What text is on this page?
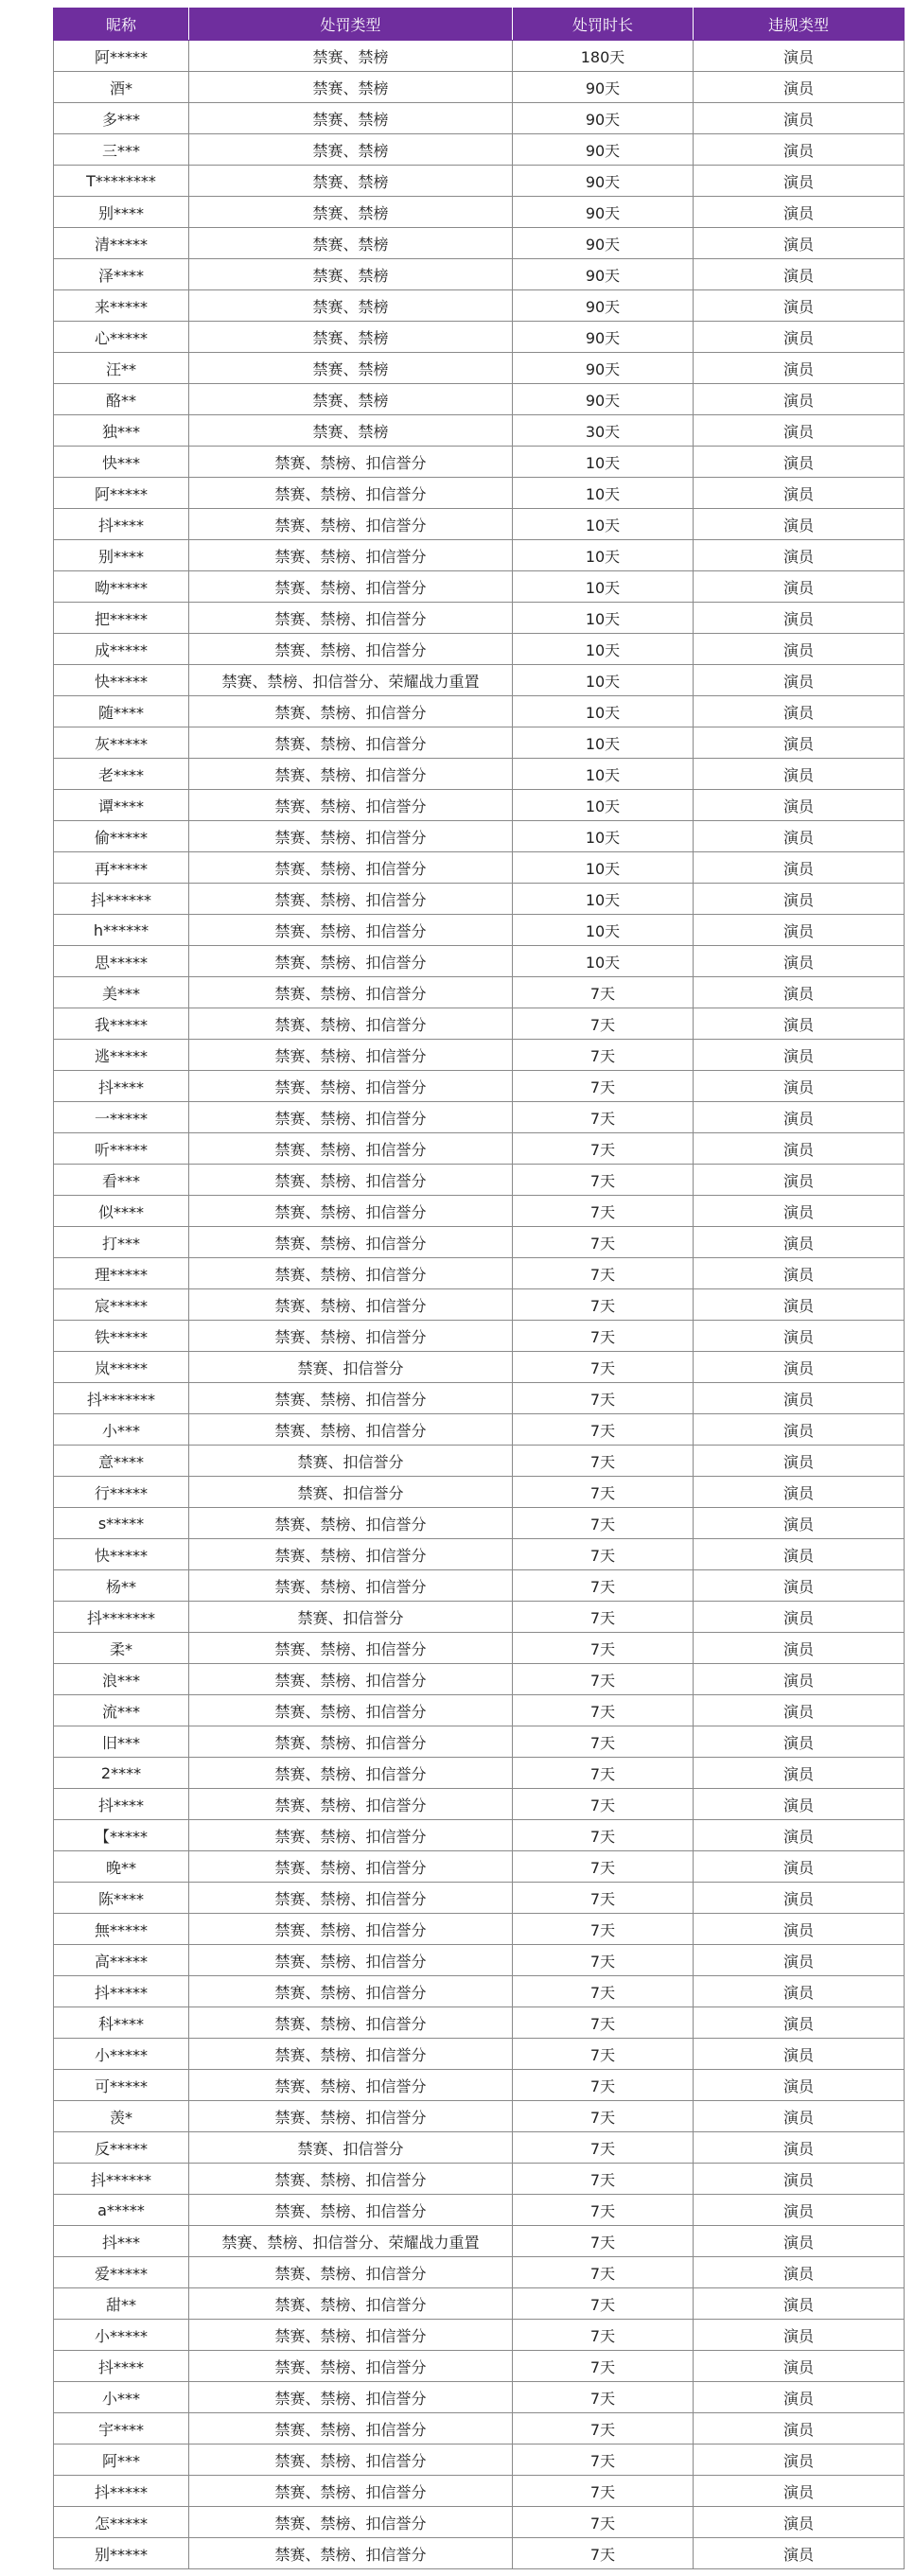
昵称	处罚类型	处罚时长	违规类型
阿*****	禁赛、禁榜	180天	演员
酒*	禁赛、禁榜	90天	演员
多***	禁赛、禁榜	90天	演员
三***	禁赛、禁榜	90天	演员
T********	禁赛、禁榜	90天	演员
别****	禁赛、禁榜	90天	演员
清*****	禁赛、禁榜	90天	演员
泽****	禁赛、禁榜	90天	演员
来*****	禁赛、禁榜	90天	演员
心*****	禁赛、禁榜	90天	演员
汪**	禁赛、禁榜	90天	演员
酪**	禁赛、禁榜	90天	演员
独***	禁赛、禁榜	30天	演员
快***	禁赛、禁榜、扣信誉分	10天	演员
阿*****	禁赛、禁榜、扣信誉分	10天	演员
抖****	禁赛、禁榜、扣信誉分	10天	演员
别****	禁赛、禁榜、扣信誉分	10天	演员
呦*****	禁赛、禁榜、扣信誉分	10天	演员
把*****	禁赛、禁榜、扣信誉分	10天	演员
成*****	禁赛、禁榜、扣信誉分	10天	演员
快*****	禁赛、禁榜、扣信誉分、荣耀战力重置	10天	演员
随****	禁赛、禁榜、扣信誉分	10天	演员
灰*****	禁赛、禁榜、扣信誉分	10天	演员
老****	禁赛、禁榜、扣信誉分	10天	演员
谭****	禁赛、禁榜、扣信誉分	10天	演员
偷*****	禁赛、禁榜、扣信誉分	10天	演员
再*****	禁赛、禁榜、扣信誉分	10天	演员
抖******	禁赛、禁榜、扣信誉分	10天	演员
h******	禁赛、禁榜、扣信誉分	10天	演员
思*****	禁赛、禁榜、扣信誉分	10天	演员
美***	禁赛、禁榜、扣信誉分	7天	演员
我*****	禁赛、禁榜、扣信誉分	7天	演员
逃*****	禁赛、禁榜、扣信誉分	7天	演员
抖****	禁赛、禁榜、扣信誉分	7天	演员
一*****	禁赛、禁榜、扣信誉分	7天	演员
听*****	禁赛、禁榜、扣信誉分	7天	演员
看***	禁赛、禁榜、扣信誉分	7天	演员
似****	禁赛、禁榜、扣信誉分	7天	演员
打***	禁赛、禁榜、扣信誉分	7天	演员
理*****	禁赛、禁榜、扣信誉分	7天	演员
宸*****	禁赛、禁榜、扣信誉分	7天	演员
铁*****	禁赛、禁榜、扣信誉分	7天	演员
岚*****	禁赛、扣信誉分	7天	演员
抖*******	禁赛、禁榜、扣信誉分	7天	演员
小***	禁赛、禁榜、扣信誉分	7天	演员
意****	禁赛、扣信誉分	7天	演员
行*****	禁赛、扣信誉分	7天	演员
s*****	禁赛、禁榜、扣信誉分	7天	演员
快*****	禁赛、禁榜、扣信誉分	7天	演员
杨**	禁赛、禁榜、扣信誉分	7天	演员
抖*******	禁赛、扣信誉分	7天	演员
柔*	禁赛、禁榜、扣信誉分	7天	演员
浪***	禁赛、禁榜、扣信誉分	7天	演员
流***	禁赛、禁榜、扣信誉分	7天	演员
旧***	禁赛、禁榜、扣信誉分	7天	演员
2****	禁赛、禁榜、扣信誉分	7天	演员
抖****	禁赛、禁榜、扣信誉分	7天	演员
【*****	禁赛、禁榜、扣信誉分	7天	演员
晚**	禁赛、禁榜、扣信誉分	7天	演员
陈****	禁赛、禁榜、扣信誉分	7天	演员
無*****	禁赛、禁榜、扣信誉分	7天	演员
高*****	禁赛、禁榜、扣信誉分	7天	演员
抖*****	禁赛、禁榜、扣信誉分	7天	演员
科****	禁赛、禁榜、扣信誉分	7天	演员
小*****	禁赛、禁榜、扣信誉分	7天	演员
可*****	禁赛、禁榜、扣信誉分	7天	演员
羡*	禁赛、禁榜、扣信誉分	7天	演员
反*****	禁赛、扣信誉分	7天	演员
抖******	禁赛、禁榜、扣信誉分	7天	演员
a*****	禁赛、禁榜、扣信誉分	7天	演员
抖***	禁赛、禁榜、扣信誉分、荣耀战力重置	7天	演员
爱*****	禁赛、禁榜、扣信誉分	7天	演员
甜**	禁赛、禁榜、扣信誉分	7天	演员
小*****	禁赛、禁榜、扣信誉分	7天	演员
抖****	禁赛、禁榜、扣信誉分	7天	演员
小***	禁赛、禁榜、扣信誉分	7天	演员
宇****	禁赛、禁榜、扣信誉分	7天	演员
阿***	禁赛、禁榜、扣信誉分	7天	演员
抖*****	禁赛、禁榜、扣信誉分	7天	演员
怎*****	禁赛、禁榜、扣信誉分	7天	演员
别*****	禁赛、禁榜、扣信誉分	7天	演员
